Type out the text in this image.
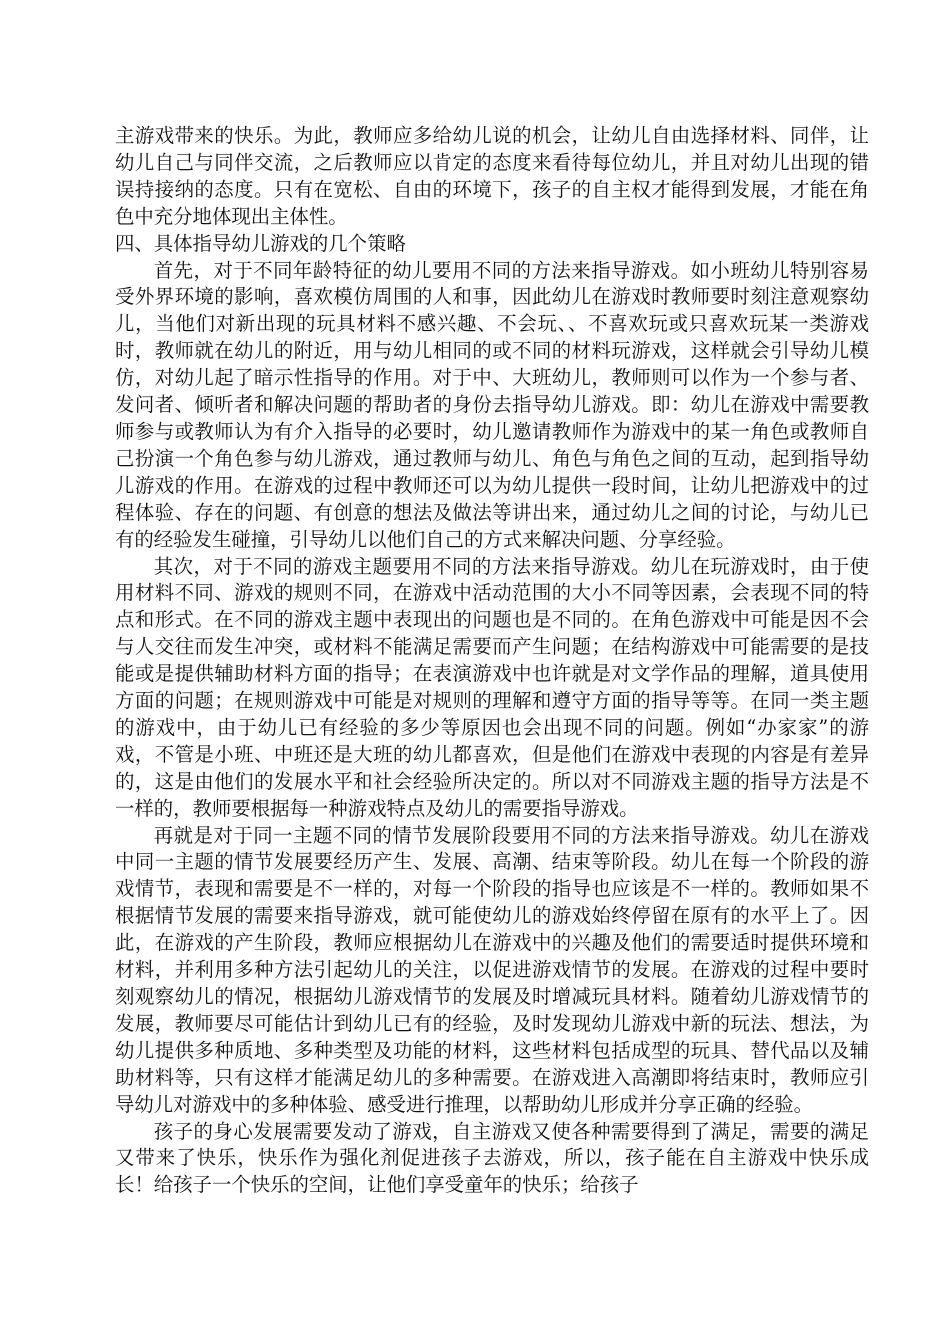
主游戏带来的快乐。为此，教师应多给幼儿说的机会，让幼儿自由选择材料、同伴，让幼儿自己与同伴交流，之后教师应以肯定的态度来看待每位幼儿，并且对幼儿出现的错误持接纳的态度。只有在宽松、自由的环境下，孩子的自主权才能得到发展，才能在角色中充分地体现出主体性。

四、具体指导幼儿游戏的几个策略

首先，对于不同年龄特征的幼儿要用不同的方法来指导游戏。如小班幼儿特别容易受外界环境的影响，喜欢模仿周围的人和事，因此幼儿在游戏时教师要时刻注意观察幼儿，当他们对新出现的玩具材料不感兴趣、不会玩、、不喜欢玩或只喜欢玩某一类游戏时，教师就在幼儿的附近，用与幼儿相同的或不同的材料玩游戏，这样就会引导幼儿模仿，对幼儿起了暗示性指导的作用。对于中、大班幼儿，教师则可以作为一个参与者、发问者、倾听者和解决问题的帮助者的身份去指导幼儿游戏。即：幼儿在游戏中需要教师参与或教师认为有介入指导的必要时，幼儿邀请教师作为游戏中的某一角色或教师自己扮演一个角色参与幼儿游戏，通过教师与幼儿、角色与角色之间的互动，起到指导幼儿游戏的作用。在游戏的过程中教师还可以为幼儿提供一段时间，让幼儿把游戏中的过程体验、存在的问题、有创意的想法及做法等讲出来，通过幼儿之间的讨论，与幼儿已有的经验发生碰撞，引导幼儿以他们自己的方式来解决问题、分享经验。

其次，对于不同的游戏主题要用不同的方法来指导游戏。幼儿在玩游戏时，由于使用材料不同、游戏的规则不同，在游戏中活动范围的大小不同等因素，会表现不同的特点和形式。在不同的游戏主题中表现出的问题也是不同的。在角色游戏中可能是因不会与人交往而发生冲突，或材料不能满足需要而产生问题；在结构游戏中可能需要的是技能或是提供辅助材料方面的指导；在表演游戏中也许就是对文学作品的理解，道具使用方面的问题；在规则游戏中可能是对规则的理解和遵守方面的指导等等。在同一类主题的游戏中，由于幼儿已有经验的多少等原因也会出现不同的问题。例如“办家家”的游戏，不管是小班、中班还是大班的幼儿都喜欢，但是他们在游戏中表现的内容是有差异的，这是由他们的发展水平和社会经验所决定的。所以对不同游戏主题的指导方法是不一样的，教师要根据每一种游戏特点及幼儿的需要指导游戏。

再就是对于同一主题不同的情节发展阶段要用不同的方法来指导游戏。幼儿在游戏中同一主题的情节发展要经历产生、发展、高潮、结束等阶段。幼儿在每一个阶段的游戏情节，表现和需要是不一样的，对每一个阶段的指导也应该是不一样的。教师如果不根据情节发展的需要来指导游戏，就可能使幼儿的游戏始终停留在原有的水平上了。因此，在游戏的产生阶段，教师应根据幼儿在游戏中的兴趣及他们的需要适时提供环境和材料，并利用多种方法引起幼儿的关注，以促进游戏情节的发展。在游戏的过程中要时刻观察幼儿的情况，根据幼儿游戏情节的发展及时增减玩具材料。随着幼儿游戏情节的发展，教师要尽可能估计到幼儿已有的经验，及时发现幼儿游戏中新的玩法、想法，为幼儿提供多种质地、多种类型及功能的材料，这些材料包括成型的玩具、替代品以及辅助材料等，只有这样才能满足幼儿的多种需要。在游戏进入高潮即将结束时，教师应引导幼儿对游戏中的多种体验、感受进行推理，以帮助幼儿形成并分享正确的经验。

孩子的身心发展需要发动了游戏，自主游戏又使各种需要得到了满足，需要的满足又带来了快乐，快乐作为强化剂促进孩子去游戏，所以，孩子能在自主游戏中快乐成长！给孩子一个快乐的空间，让他们享受童年的快乐；给孩子
